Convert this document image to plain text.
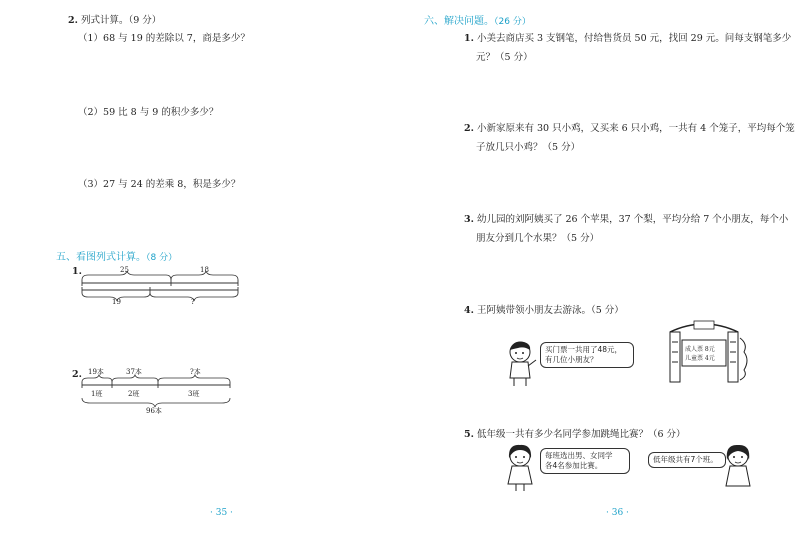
2. 列式计算。（9 分）
（1）68 与 19 的差除以 7，商是多少？
（2）59 比 8 与 9 的积少多少？
（3）27 与 24 的差乘 8，积是多少？
五、看图列式计算。（8 分）
1.	25	18
19	?
2. 19本	37本	?本
1班	2班	3班
96本
· 35 ·
六、解决问题。（26 分）
1. 小美去商店买 3 支钢笔，付给售货员 50 元，找回 29 元。问每支钢笔多少
元？（5 分）
2. 小新家原来有 30 只小鸡，又买来 6 只小鸡，一共有 4 个笼子，平均每个笼
子放几只小鸡？（5 分）
3. 幼儿园的刘阿姨买了 26 个苹果，37 个梨，平均分给 7 个小朋友，每个小
朋友分到几个水果？（5 分）
4. 王阿姨带领小朋友去游泳。（5 分）
买门票一共用了48元，
有几位小朋友？
成人票 8元
儿童票 4元
5. 低年级一共有多少名同学参加跳绳比赛？（6 分）
每班选出男、女同学
各4名参加比赛。
低年级共有7个班。
· 36 ·
